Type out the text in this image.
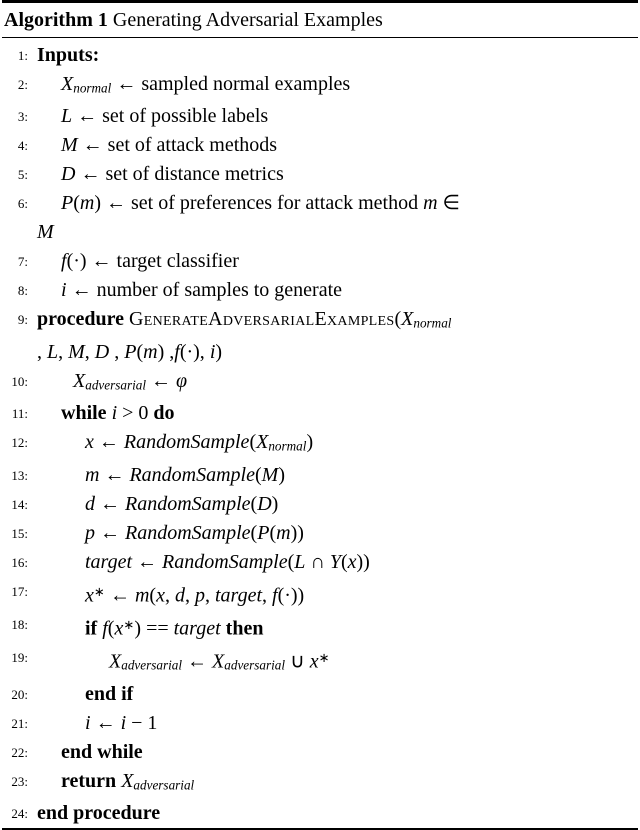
Algorithm 1 Generating Adversarial Examples
1: Inputs:
2:	Xnormal ← sampled normal examples
3:	L ← set of possible labels
4:	M ← set of attack methods
5:	D ← set of distance metrics
6:	P(m) ← set of preferences for attack method m ∈
M
7:	f(·) ← target classifier
8:	i ← number of samples to generate
9: procedure GenerateAdversarialExamples(Xnormal
, L, M, D , P(m) ,f(·), i)
10:	Xadversarial ← φ
11:	while i > 0 do
12:	x ← RandomSample(Xnormal)
13:	m ← RandomSample(M)
14:	d ← RandomSample(D)
15:	p ← RandomSample(P(m))
16:	target ← RandomSample(L ∩ Y(x))
17:	x∗ ← m(x, d, p, target, f(·))
18:	if f(x∗) == target then
19:	Xadversarial ← Xadversarial ∪ x∗
20:	end if
21:	i ← i − 1
22:	end while
23:	return Xadversarial
24: end procedure
